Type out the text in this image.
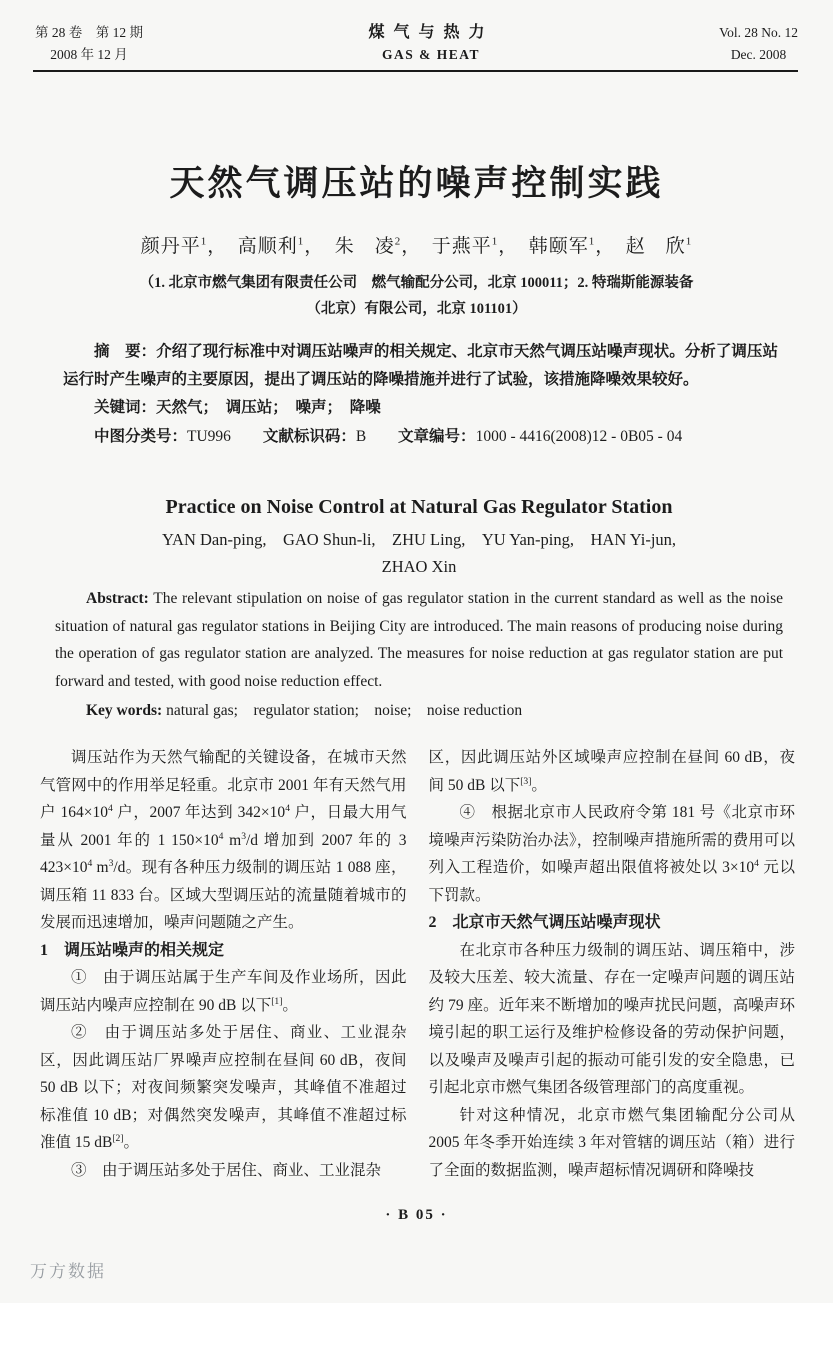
第 28 卷　第 12 期
2008 年 12 月
煤气与热力
GAS & HEAT
Vol. 28 No. 12
Dec. 2008
天然气调压站的噪声控制实践
颜丹平$^1$，　高顺利$^1$，　朱　凌$^2$，　于燕平$^1$，　韩颐军$^1$，　赵　欣$^1$
（1. 北京市燃气集团有限责任公司　燃气输配分公司，北京 100011；2. 特瑞斯能源装备
（北京）有限公司，北京 101101）

摘　要：介绍了现行标准中对调压站噪声的相关规定、北京市天然气调压站噪声现状。分析了调压站运行时产生噪声的主要原因，提出了调压站的降噪措施并进行了试验，该措施降噪效果较好。

关键词：天然气；　调压站；　噪声；　降噪
中图分类号：TU996 文献标识码：B 文章编号：1000 - 4416(2008)12 - 0B05 - 04
Practice on Noise Control at Natural Gas Regulator Station
YAN Dan-ping,　GAO Shun-li,　ZHU Ling,　YU Yan-ping,　HAN Yi-jun,
ZHAO Xin

Abstract: The relevant stipulation on noise of gas regulator station in the current standard as well as the noise situation of natural gas regulator stations in Beijing City are introduced. The main reasons of producing noise during the operation of gas regulator station are analyzed. The measures for noise reduction at gas regulator station are put forward and tested, with good noise reduction effect.

Key words: natural gas;　regulator station;　noise;　noise reduction

调压站作为天然气输配的关键设备，在城市天然气管网中的作用举足轻重。北京市 2001 年有天然气用户 $164\times 10^4$ 户，2007 年达到 $342\times 10^4$ 户，日最大用气量从 2001 年的 1 $150\times 10^4$ $m^3/d$ 增加到 2007 年的 3 $423\times 10^4$ $m^3/d$。现有各种压力级制的调压站 1 088 座，调压箱 11 833 台。区域大型调压站的流量随着城市的发展而迅速增加，噪声问题随之产生。

1　调压站噪声的相关规定

①　由于调压站属于生产车间及作业场所，因此调压站内噪声应控制在 90 dB 以下[1]。

②　由于调压站多处于居住、商业、工业混杂区，因此调压站厂界噪声应控制在昼间 60 dB，夜间 50 dB 以下；对夜间频繁突发噪声，其峰值不准超过标准值 10 dB；对偶然突发噪声，其峰值不准超过标准值 15 dB[2]。

③　由于调压站多处于居住、商业、工业混杂

区，因此调压站外区域噪声应控制在昼间 60 dB，夜间 50 dB 以下[3]。

④　根据北京市人民政府令第 181 号《北京市环境噪声污染防治办法》，控制噪声措施所需的费用可以列入工程造价，如噪声超出限值将被处以 $3\times 10^4$ 元以下罚款。

2　北京市天然气调压站噪声现状

在北京市各种压力级制的调压站、调压箱中，涉及较大压差、较大流量、存在一定噪声问题的调压站约 79 座。近年来不断增加的噪声扰民问题，高噪声环境引起的职工运行及维护检修设备的劳动保护问题，以及噪声及噪声引起的振动可能引发的安全隐患，已引起北京市燃气集团各级管理部门的高度重视。

针对这种情况，北京市燃气集团输配分公司从 2005 年冬季开始连续 3 年对管辖的调压站（箱）进行了全面的数据监测，噪声超标情况调研和降噪技

· B 05 ·
万方数据
